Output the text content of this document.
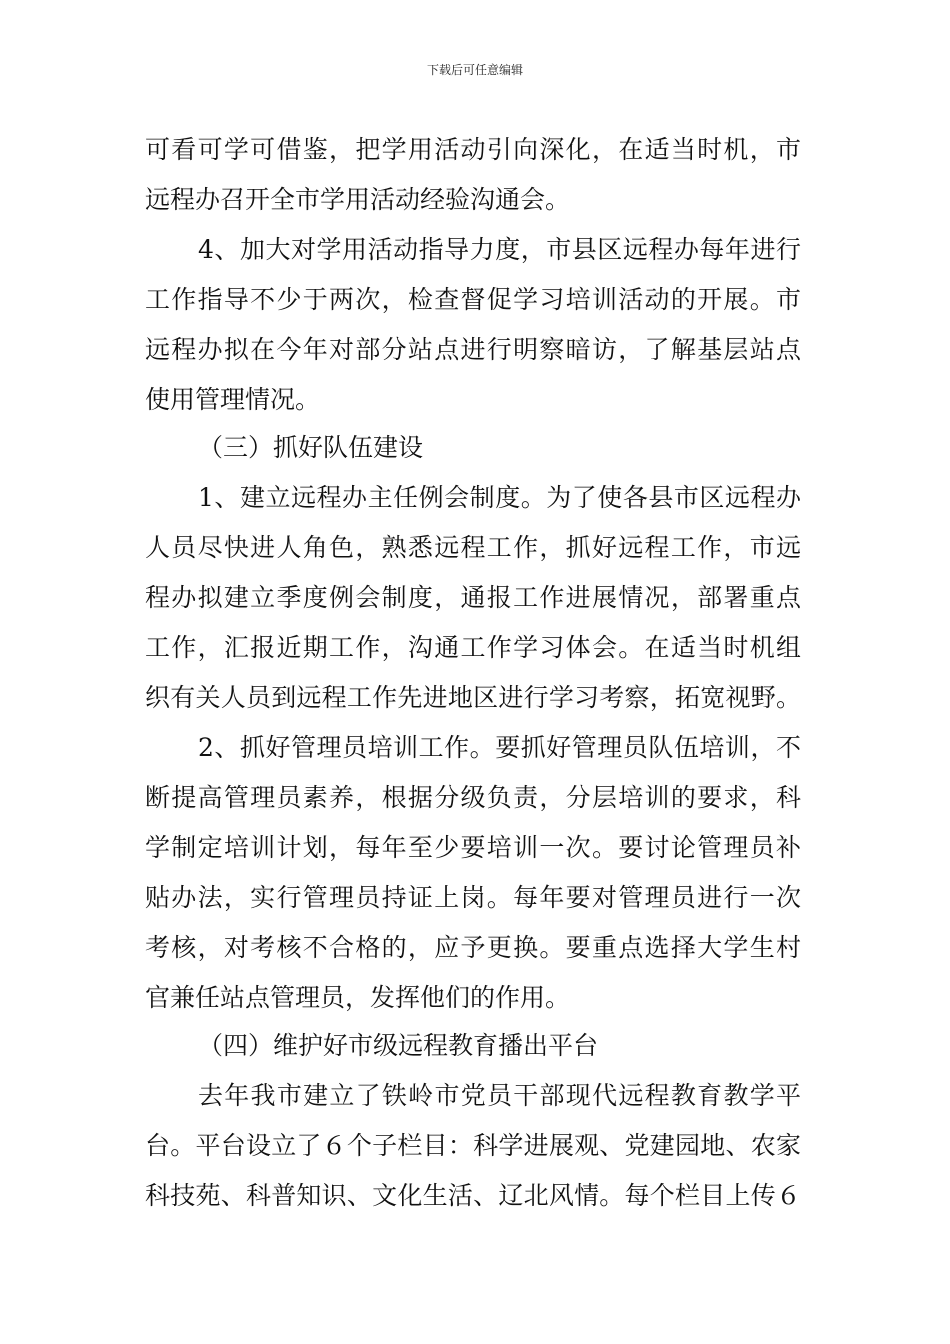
下载后可任意编辑
可看可学可借鉴，把学用活动引向深化，在适当时机，市
远程办召开全市学用活动经验沟通会。
4、加大对学用活动指导力度，市县区远程办每年进行
工作指导不少于两次，检查督促学习培训活动的开展。市
远程办拟在今年对部分站点进行明察暗访，了解基层站点
使用管理情况。
（三）抓好队伍建设
1、建立远程办主任例会制度。为了使各县市区远程办
人员尽快进人角色，熟悉远程工作，抓好远程工作，市远
程办拟建立季度例会制度，通报工作进展情况，部署重点
工作，汇报近期工作，沟通工作学习体会。在适当时机组
织有关人员到远程工作先进地区进行学习考察，拓宽视野。
2、抓好管理员培训工作。要抓好管理员队伍培训，不
断提高管理员素养，根据分级负责，分层培训的要求，科
学制定培训计划，每年至少要培训一次。要讨论管理员补
贴办法，实行管理员持证上岗。每年要对管理员进行一次
考核，对考核不合格的，应予更换。要重点选择大学生村
官兼任站点管理员，发挥他们的作用。
（四）维护好市级远程教育播出平台
去年我市建立了铁岭市党员干部现代远程教育教学平
台。平台设立了６个子栏目：科学进展观、党建园地、农家
科技苑、科普知识、文化生活、辽北风情。每个栏目上传６
